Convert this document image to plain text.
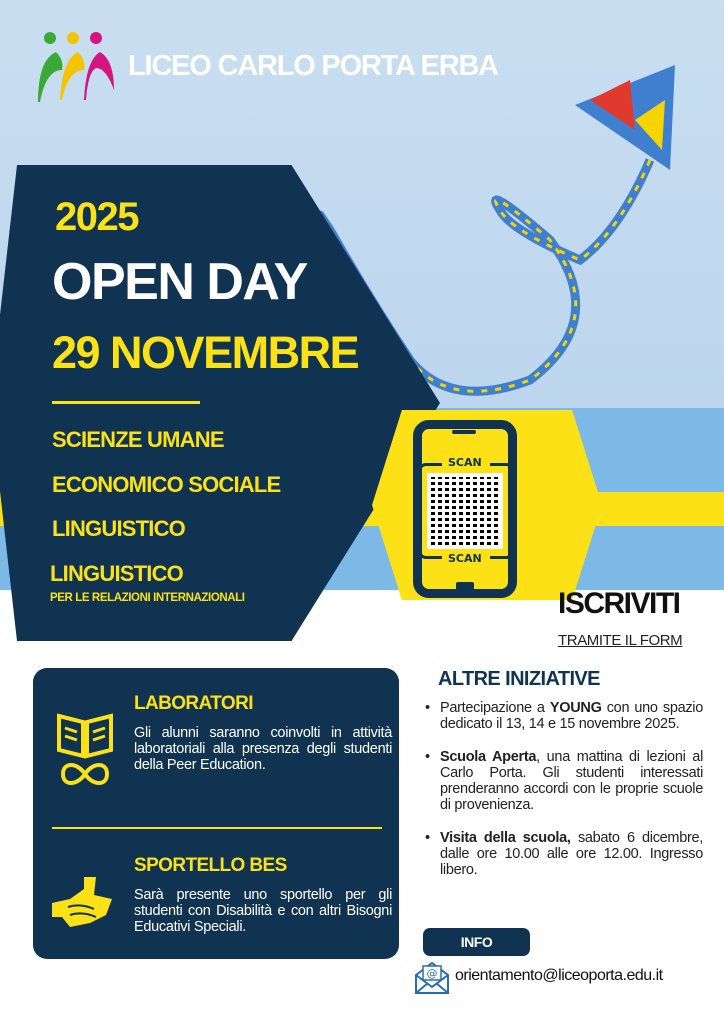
LICEO CARLO PORTA ERBA
2025
OPEN DAY
29 NOVEMBRE
SCIENZE UMANE
ECONOMICO SOCIALE
LINGUISTICO
LINGUISTICO
PER LE RELAZIONI INTERNAZIONALI
SCAN
SCAN
ISCRIVITI
TRAMITE IL FORM
LABORATORI
Gli alunni saranno coinvolti in attività laboratoriali alla presenza degli studenti della Peer Education.
SPORTELLO BES
Sarà presente uno sportello per gli studenti con Disabilità e con altri Bisogni Educativi Speciali.
ALTRE INIZIATIVE
• Partecipazione a YOUNG con uno spazio dedicato il 13, 14 e 15 novembre 2025.
• Scuola Aperta, una mattina di lezioni al Carlo Porta. Gli studenti interessati prenderanno accordi con le proprie scuole di provenienza.
• Visita della scuola, sabato 6 dicembre, dalle ore 10.00 alle ore 12.00. Ingresso libero.
INFO
@ orientamento@liceoporta.edu.it
